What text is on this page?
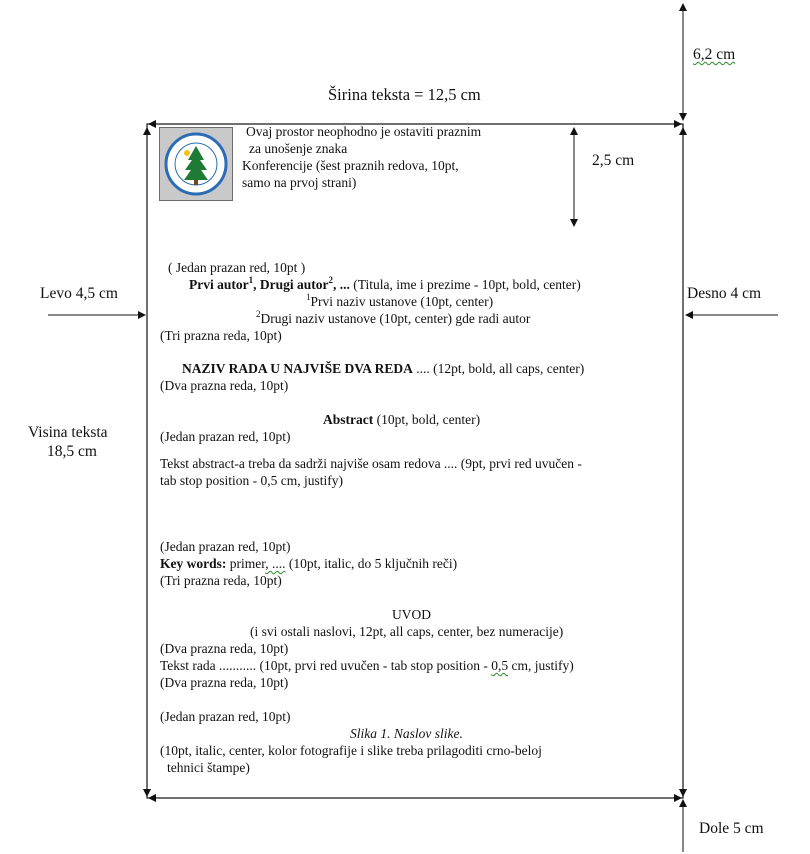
6,2 cm
Širina teksta = 12,5 cm
Levo 4,5 cm	Desno 4 cm
Visina teksta
18,5 cm
Dole 5 cm
2,5 cm
Ovaj prostor neophodno je ostaviti praznim
za unošenje znaka
Konferencije (šest praznih redova, 10pt,
samo na prvoj strani)
( Jedan prazan red, 10pt )
Prvi autor$^1$, Drugi autor$^2$, ... (Titula, ime i prezime - 10pt, bold, center)
$^1$Prvi naziv ustanove (10pt, center)
$^2$Drugi naziv ustanove (10pt, center) gde radi autor
(Tri prazna reda, 10pt)
NAZIV RADA U NAJVIŠE DVA REDA .... (12pt, bold, all caps, center)
(Dva prazna reda, 10pt)
Abstract (10pt, bold, center)
(Jedan prazan red, 10pt)
Tekst abstract-a treba da sadrži najviše osam redova .... (9pt, prvi red uvučen -
tab stop position - 0,5 cm, justify)
(Jedan prazan red, 10pt)
Key words: primer, .... (10pt, italic, do 5 ključnih reči)
(Tri prazna reda, 10pt)
UVOD
(i svi ostali naslovi, 12pt, all caps, center, bez numeracije)
(Dva prazna reda, 10pt)
Tekst rada ........... (10pt, prvi red uvučen - tab stop position - 0,5 cm, justify)
(Dva prazna reda, 10pt)
(Jedan prazan red, 10pt)
Slika 1. Naslov slike.
(10pt, italic, center, kolor fotografije i slike treba prilagoditi crno-beloj
tehnici štampe)
